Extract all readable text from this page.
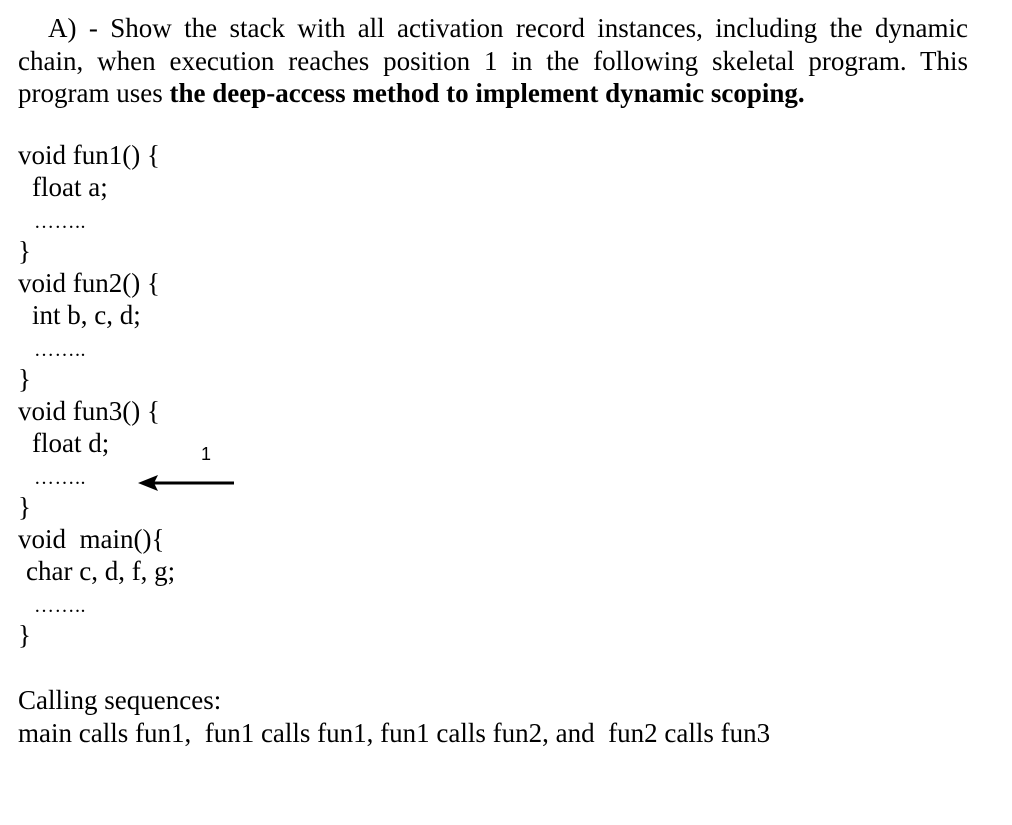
A) - Show the stack with all activation record instances, including the dynamic
chain, when execution reaches position 1 in the following skeletal program. This
program uses the deep-access method to implement dynamic scoping.
void fun1() {
float a;
……..
}
void fun2() {
int b, c, d;
……..
}
void fun3() {
float d;
……..
}
void  main(){
char c, d, f, g;
……..
}
1
Calling sequences:
main calls fun1,  fun1 calls fun1, fun1 calls fun2, and  fun2 calls fun3
